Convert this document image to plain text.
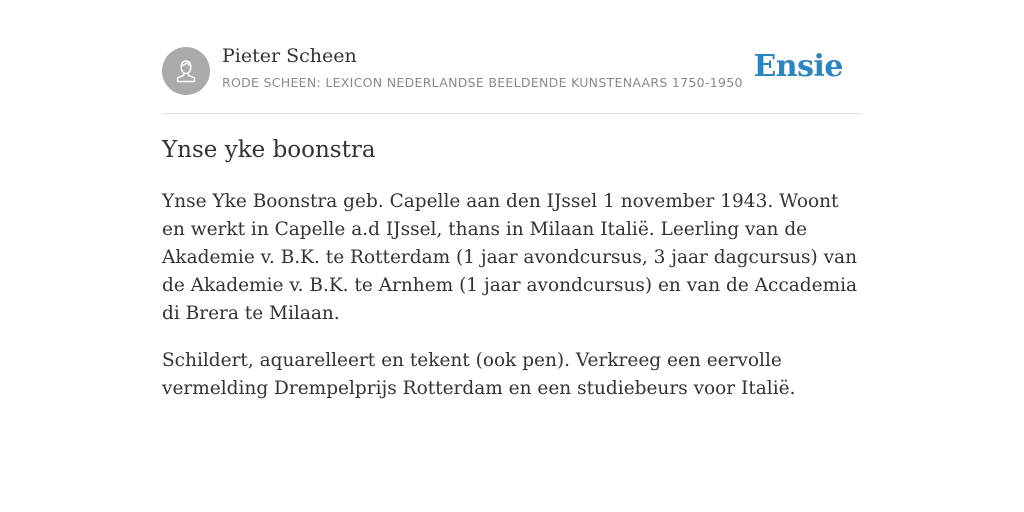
Pieter Scheen
RODE SCHEEN: LEXICON NEDERLANDSE BEELDENDE KUNSTENAARS 1750-1950 Ensie
Ynse yke boonstra

Ynse Yke Boonstra geb. Capelle aan den IJssel 1 november 1943. Woont en werkt in Capelle a.d IJssel, thans in Milaan Italië. Leerling van de Akademie v. B.K. te Rotterdam (1 jaar avondcursus, 3 jaar dagcursus) van de Akademie v. B.K. te Arnhem (1 jaar avondcursus) en van de Accademia di Brera te Milaan.

Schildert, aquarelleert en tekent (ook pen). Verkreeg een eervolle vermelding Drempelprijs Rotterdam en een studiebeurs voor Italië.
